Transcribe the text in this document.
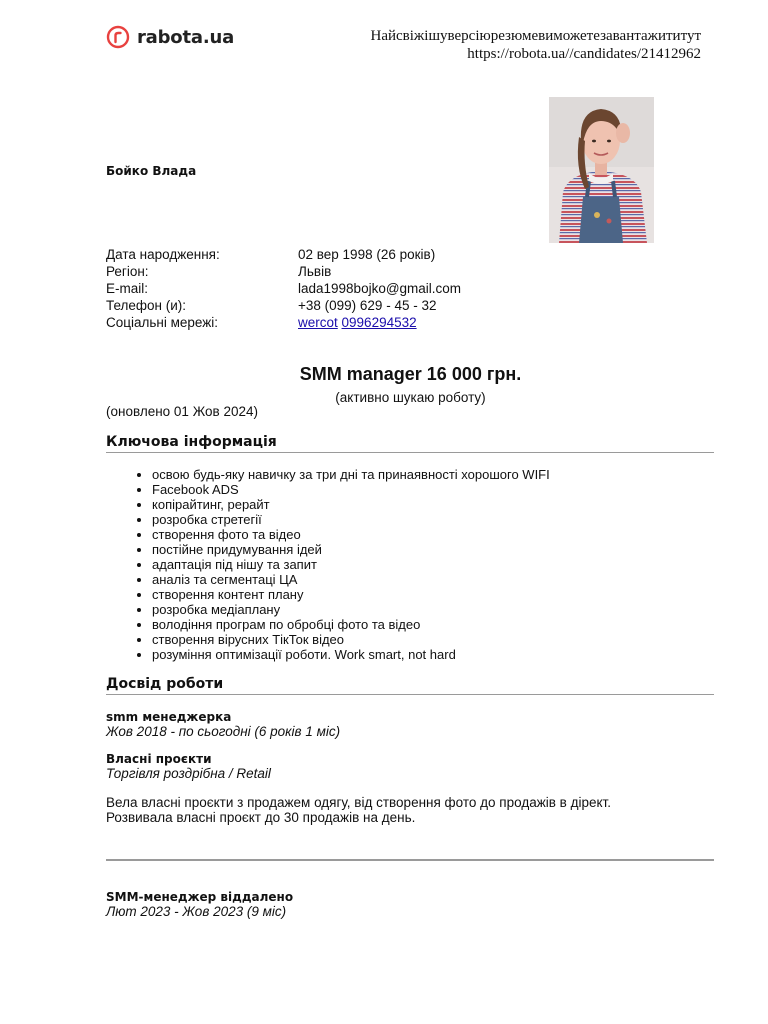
rabota.ua	Найсвіжішуверсіюрезюмевиможетезавантажититут
https://robota.ua//candidates/21412962
Бойко Влада
Дата народження:	02 вер 1998 (26 років)
Регіон:	Львів
E-mail:	lada1998bojko@gmail.com
Телефон (и):	+38 (099) 629 - 45 - 32
Соціальні мережі:	wercot 0996294532
SMM manager 16 000 грн.
(активно шукаю роботу)
(оновлено 01 Жов 2024)
Ключова інформація
• освою будь-яку навичку за три дні та принаявності хорошого WIFI
• Facebook ADS
• копірайтинг, рерайт
• розробка стретегії
• створення фото та відео
• постійне придумування ідей
• адаптація під нішу та запит
• аналіз та сегментаці ЦА
• створення контент плану
• розробка медіаплану
• володіння програм по обробці фото та відео
• створення вірусних ТікТок відео
• розуміння оптимізації роботи. Work smart, not hard
Досвід роботи
smm менеджерка
Жов 2018 - по сьогодні (6 років 1 міс)
Власні проєкти
Торгівля роздрібна / Retail
Вела власні проєкти з продажем одягу, від створення фото до продажів в дірект.
Розвивала власні проєкт до 30 продажів на день.
SMM-менеджер віддалено
Лют 2023 - Жов 2023 (9 міс)
